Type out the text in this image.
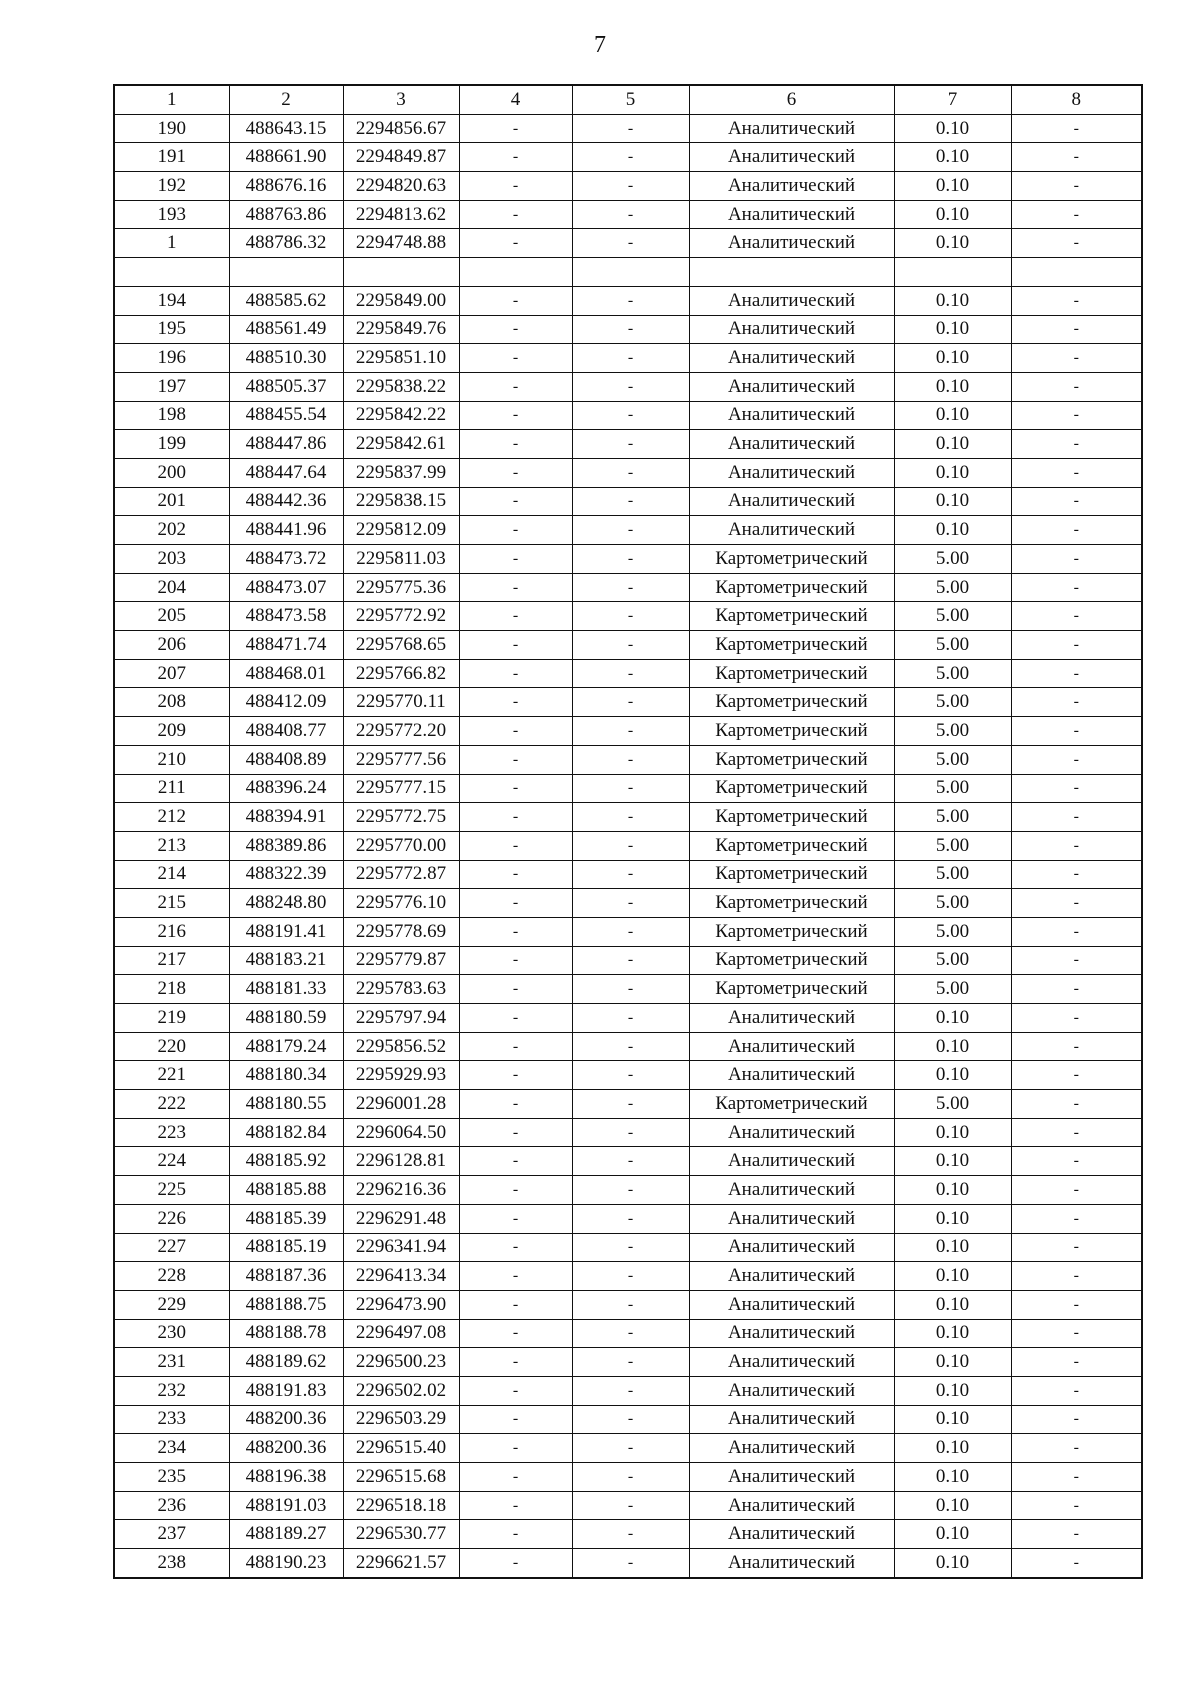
7
1	2	3	4	5	6	7	8
190	488643.15	2294856.67	-	-	Аналитический	0.10	-
191	488661.90	2294849.87	-	-	Аналитический	0.10	-
192	488676.16	2294820.63	-	-	Аналитический	0.10	-
193	488763.86	2294813.62	-	-	Аналитический	0.10	-
1	488786.32	2294748.88	-	-	Аналитический	0.10	-

194	488585.62	2295849.00	-	-	Аналитический	0.10	-
195	488561.49	2295849.76	-	-	Аналитический	0.10	-
196	488510.30	2295851.10	-	-	Аналитический	0.10	-
197	488505.37	2295838.22	-	-	Аналитический	0.10	-
198	488455.54	2295842.22	-	-	Аналитический	0.10	-
199	488447.86	2295842.61	-	-	Аналитический	0.10	-
200	488447.64	2295837.99	-	-	Аналитический	0.10	-
201	488442.36	2295838.15	-	-	Аналитический	0.10	-
202	488441.96	2295812.09	-	-	Аналитический	0.10	-
203	488473.72	2295811.03	-	-	Картометрический	5.00	-
204	488473.07	2295775.36	-	-	Картометрический	5.00	-
205	488473.58	2295772.92	-	-	Картометрический	5.00	-
206	488471.74	2295768.65	-	-	Картометрический	5.00	-
207	488468.01	2295766.82	-	-	Картометрический	5.00	-
208	488412.09	2295770.11	-	-	Картометрический	5.00	-
209	488408.77	2295772.20	-	-	Картометрический	5.00	-
210	488408.89	2295777.56	-	-	Картометрический	5.00	-
211	488396.24	2295777.15	-	-	Картометрический	5.00	-
212	488394.91	2295772.75	-	-	Картометрический	5.00	-
213	488389.86	2295770.00	-	-	Картометрический	5.00	-
214	488322.39	2295772.87	-	-	Картометрический	5.00	-
215	488248.80	2295776.10	-	-	Картометрический	5.00	-
216	488191.41	2295778.69	-	-	Картометрический	5.00	-
217	488183.21	2295779.87	-	-	Картометрический	5.00	-
218	488181.33	2295783.63	-	-	Картометрический	5.00	-
219	488180.59	2295797.94	-	-	Аналитический	0.10	-
220	488179.24	2295856.52	-	-	Аналитический	0.10	-
221	488180.34	2295929.93	-	-	Аналитический	0.10	-
222	488180.55	2296001.28	-	-	Картометрический	5.00	-
223	488182.84	2296064.50	-	-	Аналитический	0.10	-
224	488185.92	2296128.81	-	-	Аналитический	0.10	-
225	488185.88	2296216.36	-	-	Аналитический	0.10	-
226	488185.39	2296291.48	-	-	Аналитический	0.10	-
227	488185.19	2296341.94	-	-	Аналитический	0.10	-
228	488187.36	2296413.34	-	-	Аналитический	0.10	-
229	488188.75	2296473.90	-	-	Аналитический	0.10	-
230	488188.78	2296497.08	-	-	Аналитический	0.10	-
231	488189.62	2296500.23	-	-	Аналитический	0.10	-
232	488191.83	2296502.02	-	-	Аналитический	0.10	-
233	488200.36	2296503.29	-	-	Аналитический	0.10	-
234	488200.36	2296515.40	-	-	Аналитический	0.10	-
235	488196.38	2296515.68	-	-	Аналитический	0.10	-
236	488191.03	2296518.18	-	-	Аналитический	0.10	-
237	488189.27	2296530.77	-	-	Аналитический	0.10	-
238	488190.23	2296621.57	-	-	Аналитический	0.10	-
